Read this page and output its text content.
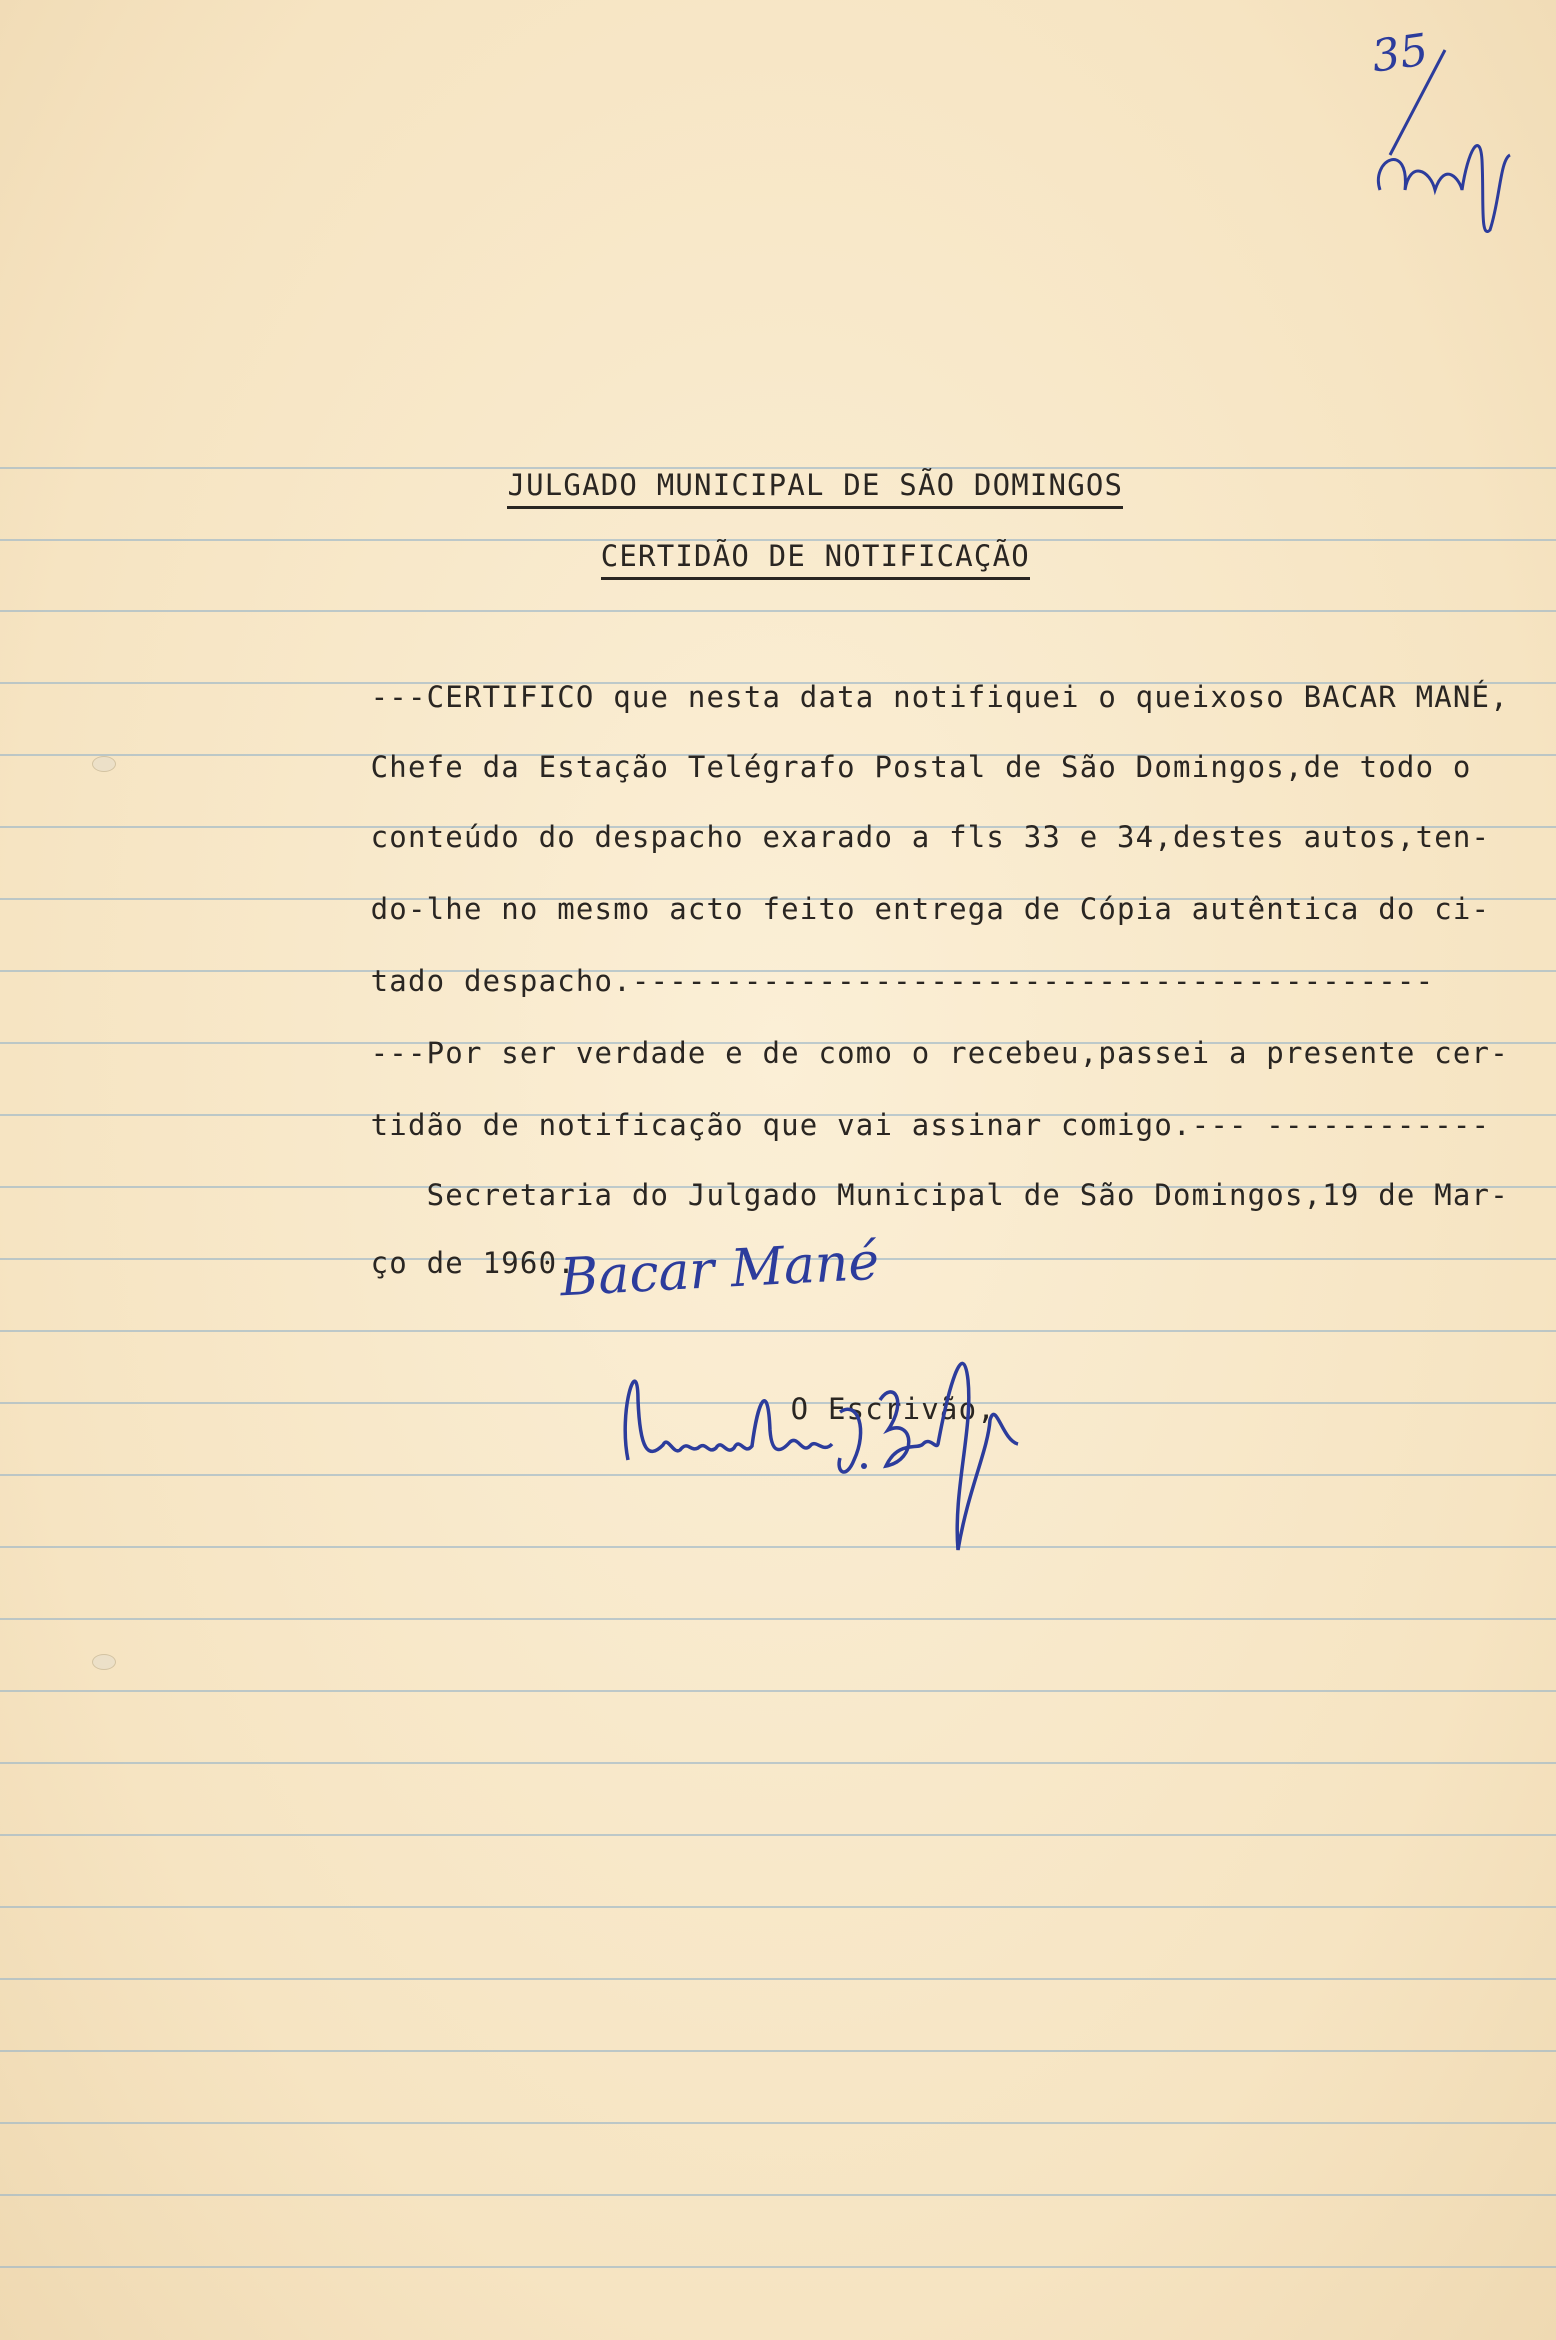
35

JULGADO MUNICIPAL DE SÃO DOMINGOS

CERTIDÃO DE NOTIFICAÇÃO

---CERTIFICO que nesta data notifiquei o queixoso BACAR MANÉ,

Chefe da Estação Telégrafo Postal de São Domingos,de todo o

conteúdo do despacho exarado a fls 33 e 34,destes autos,ten-

do-lhe no mesmo acto feito entrega de Cópia autêntica do ci-

tado despacho.-------------------------------------------

---Por ser verdade e de como o recebeu,passei a presente cer-

tidão de notificação que vai assinar comigo.--- ------------

Secretaria do Julgado Municipal de São Domingos,19 de Mar-

ço de 1960.

Bacar Mané

O Escrivão,
